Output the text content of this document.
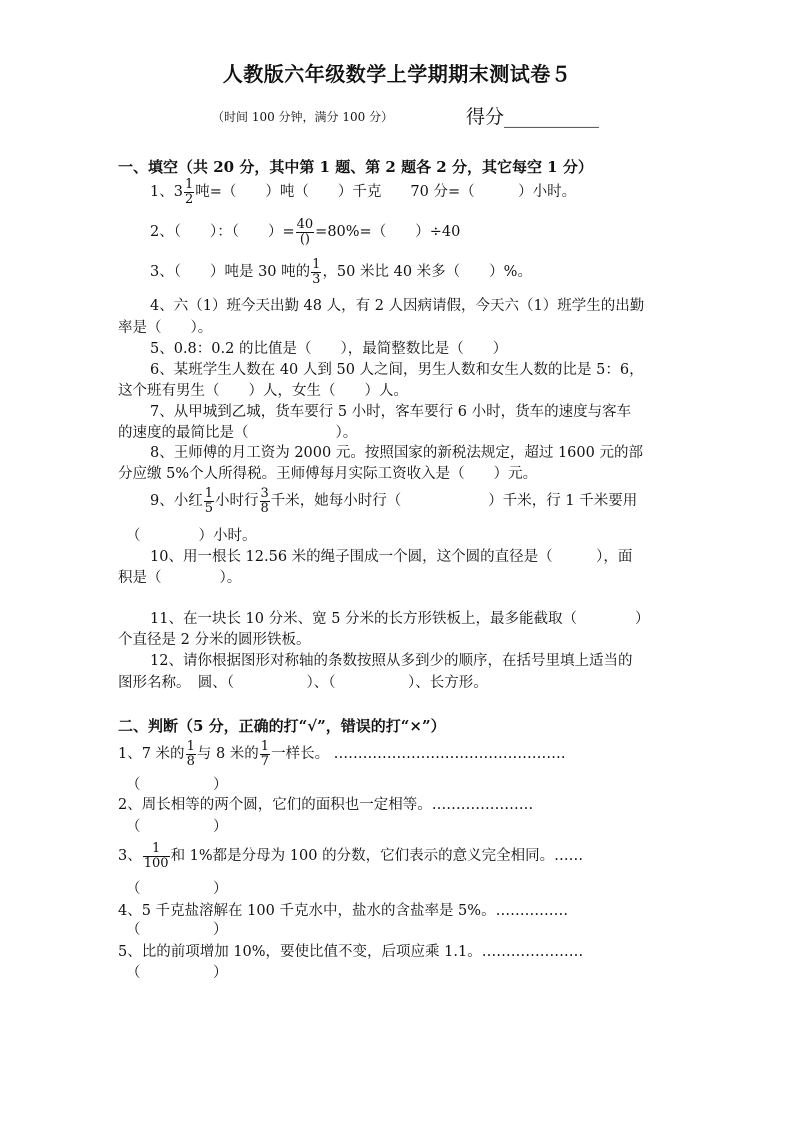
人教版六年级数学上学期期末测试卷５
（时间 100 分钟，满分 100 分）	得分__________
一、填空（共 20 分，其中第 1 题、第 2 题各 2 分，其它每空 1 分）
1、$3 \frac{1}{2}$ 吨=（　　）吨（　　）千克　　70 分=（　　　）小时。
2、（　　）：（　　）= $\frac{40}{()} =80\%=$（　　）÷40
3、（　　）吨是 30 吨的 $\frac{1}{3}$ ，50 米比 40 米多（　　）%。
4、六（1）班今天出勤 48 人，有 2 人因病请假，今天六（1）班学生的出勤
率是（　　）。
5、0.8：0.2 的比值是（　　），最简整数比是（　　）
6、某班学生人数在 40 人到 50 人之间，男生人数和女生人数的比是 5：6，
这个班有男生（　　）人，女生（　　）人。
7、从甲城到乙城，货车要行 5 小时，客车要行 6 小时，货车的速度与客车
的速度的最简比是（　　　　　　）。
8、王师傅的月工资为 2000 元。按照国家的新税法规定，超过 1600 元的部
分应缴 5%个人所得税。王师傅每月实际工资收入是（　　）元。
9、小红 $\frac{1}{5}$ 小时行 $\frac{3}{8}$ 千米，她每小时行（　　　　　　）千米，行 1 千米要用
（　　　　）小时。
10、用一根长 12.56 米的绳子围成一个圆，这个圆的直径是（　　　），面
积是（　　　　）。
11、在一块长 10 分米、宽 5 分米的长方形铁板上，最多能截取（　　　　）
个直径是 2 分米的圆形铁板。
12、请你根据图形对称轴的条数按照从多到少的顺序，在括号里填上适当的
图形名称。　圆、（　　　　　）、（　　　　　）、长方形。
二、判断（5 分，正确的打“√”，错误的打“×”）
1、7 米的 $\frac{1}{8}$ 与 8 米的 $\frac{1}{7}$ 一样长。 …………………………………………
（　　　　　）
2、周长相等的两个圆，它们的面积也一定相等。…………………
（　　　　　）
3、 $\frac{1}{100}$ 和 1%都是分母为 100 的分数，它们表示的意义完全相同。……
（　　　　　）
4、5 千克盐溶解在 100 千克水中，盐水的含盐率是 5%。……………
（　　　　　）
5、比的前项增加 10%，要使比值不变，后项应乘 1.1。…………………
（　　　　　）
